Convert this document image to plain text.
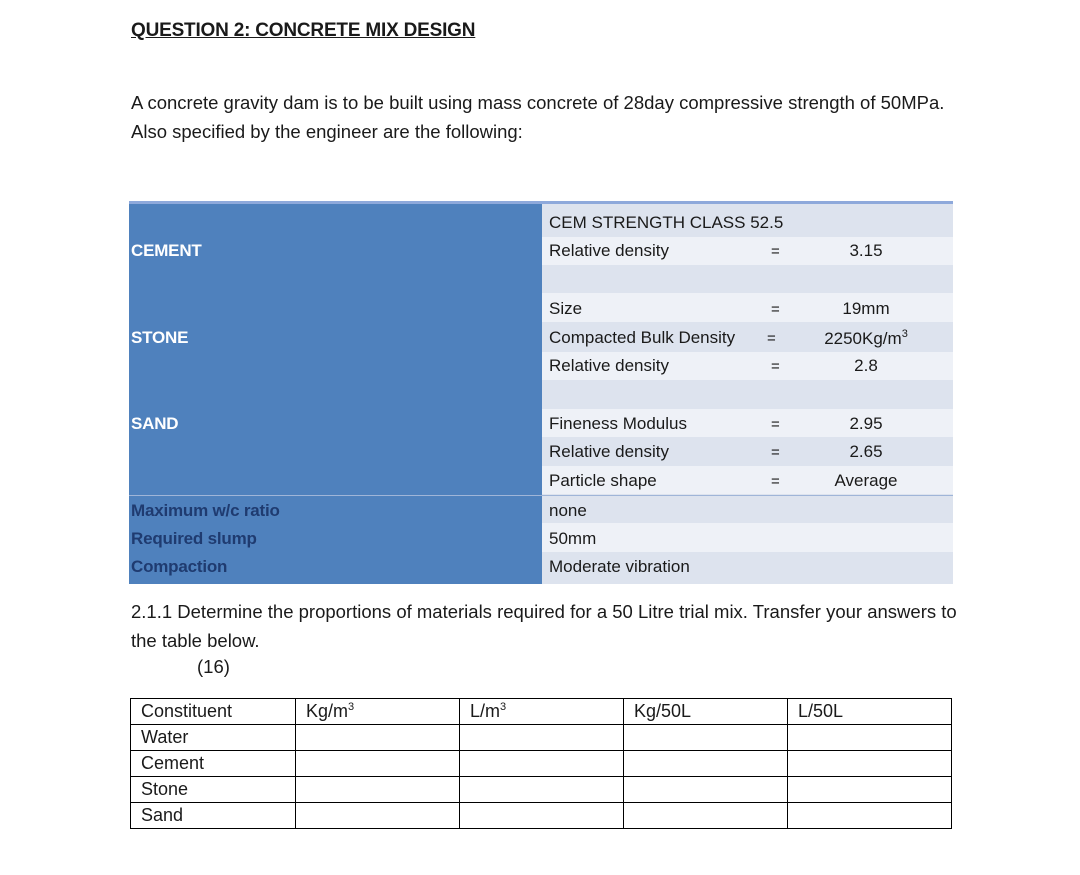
QUESTION 2: CONCRETE MIX DESIGN
A concrete gravity dam is to be built using mass concrete of 28day compressive strength of 50MPa. Also specified by the engineer are the following:
CEMENT
CEM STRENGTH CLASS 52.5
Relative density	=	3.15
STONE
Size	=	19mm
Compacted Bulk Density =	$2250Kg/m^3$
Relative density	=	2.8
SAND	Fineness Modulus	=	2.95
Relative density	=	2.65
Particle shape	=	Average
Maximum w/c ratio	none
Required slump	50mm
Compaction	Moderate vibration
2.1.1 Determine the proportions of materials required for a 50 Litre trial mix. Transfer your answers to the table below.
(16)
Constituent	$Kg/m^3$	$L/m^3$	Kg/50L	L/50L
Water				
Cement				
Stone				
Sand				
